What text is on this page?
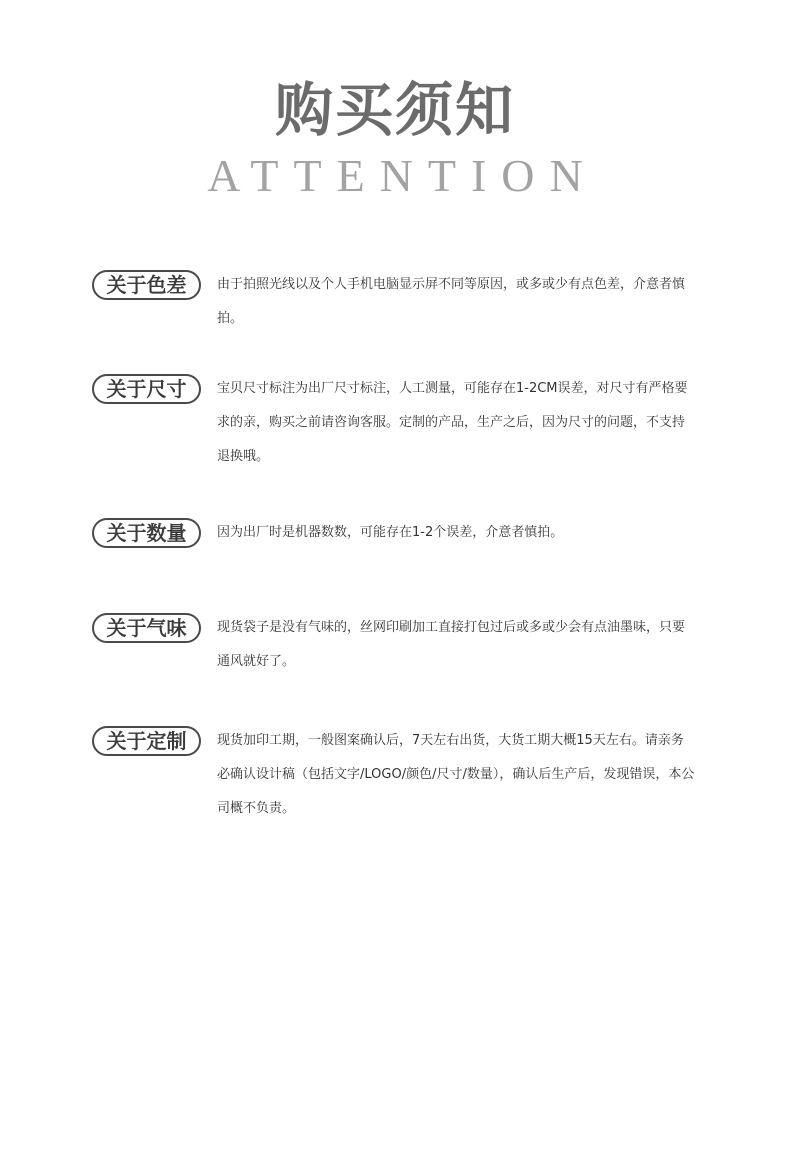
购买须知
ATTENTION
关于色差	由于拍照光线以及个人手机电脑显示屏不同等原因，或多或少有点色差，介意者慎拍。
关于尺寸	宝贝尺寸标注为出厂尺寸标注，人工测量，可能存在1-2CM误差，对尺寸有严格要求的亲，购买之前请咨询客服。定制的产品，生产之后，因为尺寸的问题，不支持退换哦。
关于数量	因为出厂时是机器数数，可能存在1-2个误差，介意者慎拍。
关于气味	现货袋子是没有气味的，丝网印刷加工直接打包过后或多或少会有点油墨味，只要通风就好了。
关于定制	现货加印工期，一般图案确认后，7天左右出货，大货工期大概15天左右。请亲务必确认设计稿（包括文字/LOGO/颜色/尺寸/数量），确认后生产后，发现错误，本公司概不负责。
